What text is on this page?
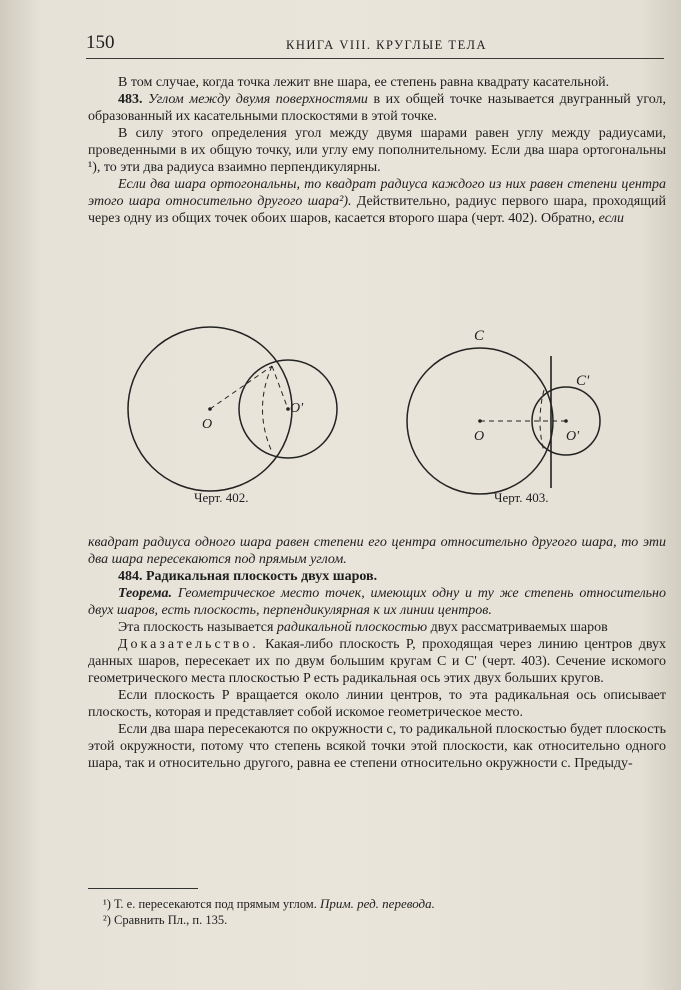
150	КНИГА VIII. КРУГЛЫЕ ТЕЛА

В том случае, когда точка лежит вне шара, ее степень равна квадрату касательной.

483. Углом между двумя поверхностями в их общей точке называется двугранный угол, образованный их касательными плоскостями в этой точке.

В силу этого определения угол между двумя шарами равен углу между радиусами, проведенными в их общую точку, или углу ему пополнительному. Если два шара ортогональны ¹), то эти два радиуса взаимно перпендикулярны.

Если два шара ортогональны, то квадрат радиуса каждого из них равен степени центра этого шара относительно другого шара²). Действительно, радиус первого шара, проходящий через одну из общих точек обоих шаров, касается второго шара (черт. 402). Обратно, если

O
O'
C
C'
O	O'
Черт. 402.	Черт. 403.

квадрат радиуса одного шара равен степени его центра относительно другого шара, то эти два шара пересекаются под прямым углом.

484. Радикальная плоскость двух шаров.

Теорема. Геометрическое место точек, имеющих одну и ту же степень относительно двух шаров, есть плоскость, перпендикулярная к их линии центров.

Эта плоскость называется радикальной плоскостью двух рассматриваемых шаров

Доказательство. Какая-либо плоскость P, проходящая через линию центров двух данных шаров, пересекает их по двум большим кругам C и C' (черт. 403). Сечение искомого геометрического места плоскостью P есть радикальная ось этих двух больших кругов.

Если плоскость P вращается около линии центров, то эта радикальная ось описывает плоскость, которая и представляет собой искомое геометрическое место.

Если два шара пересекаются по окружности c, то радикальной плоскостью будет плоскость этой окружности, потому что степень всякой точки этой плоскости, как относительно одного шара, так и относительно другого, равна ее степени относительно окружности c. Предыду-

¹) Т. е. пересекаются под прямым углом. Прим. ред. перевода.
²) Сравнить Пл., п. 135.
